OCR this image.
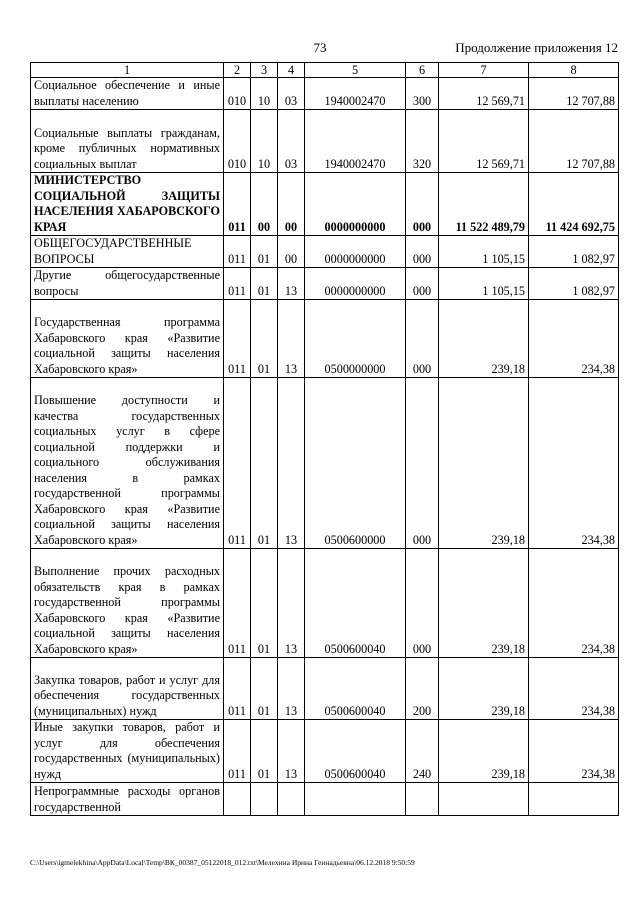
73	Продолжение приложения 12
1	2	3	4	5	6	7	8
Социальное обеспечение и иные выплаты населению	010	10	03	1940002470	300	12 569,71	12 707,88
Социальные выплаты гражданам, кроме публичных нормативных социальных выплат	010	10	03	1940002470	320	12 569,71	12 707,88
МИНИСТЕРСТВО СОЦИАЛЬНОЙ ЗАЩИТЫ НАСЕЛЕНИЯ ХАБАРОВСКОГО КРАЯ	011	00	00	0000000000	000	11 522 489,79	11 424 692,75
ОБЩЕГОСУДАРСТВЕННЫЕ ВОПРОСЫ	011	01	00	0000000000	000	1 105,15	1 082,97
Другие общегосударственные вопросы	011	01	13	0000000000	000	1 105,15	1 082,97
Государственная программа Хабаровского края «Развитие социальной защиты населения Хабаровского края»	011	01	13	0500000000	000	239,18	234,38
Повышение доступности и качества государственных социальных услуг в сфере социальной поддержки и социального обслуживания населения в рамках государственной программы Хабаровского края «Развитие социальной защиты населения Хабаровского края»	011	01	13	0500600000	000	239,18	234,38
Выполнение прочих расходных обязательств края в рамках государственной программы Хабаровского края «Развитие социальной защиты населения Хабаровского края»	011	01	13	0500600040	000	239,18	234,38
Закупка товаров, работ и услуг для обеспечения государственных (муниципальных) нужд	011	01	13	0500600040	200	239,18	234,38
Иные закупки товаров, работ и услуг для обеспечения государственных (муниципальных) нужд	011	01	13	0500600040	240	239,18	234,38
Непрограммные расходы органов государственной							
C:\Users\igmelekhina\AppData\Local\Temp\ВК_00387_05122018_012.txt\Мелехина Ирина Геннадьевна\06.12.2018 9:50:59
